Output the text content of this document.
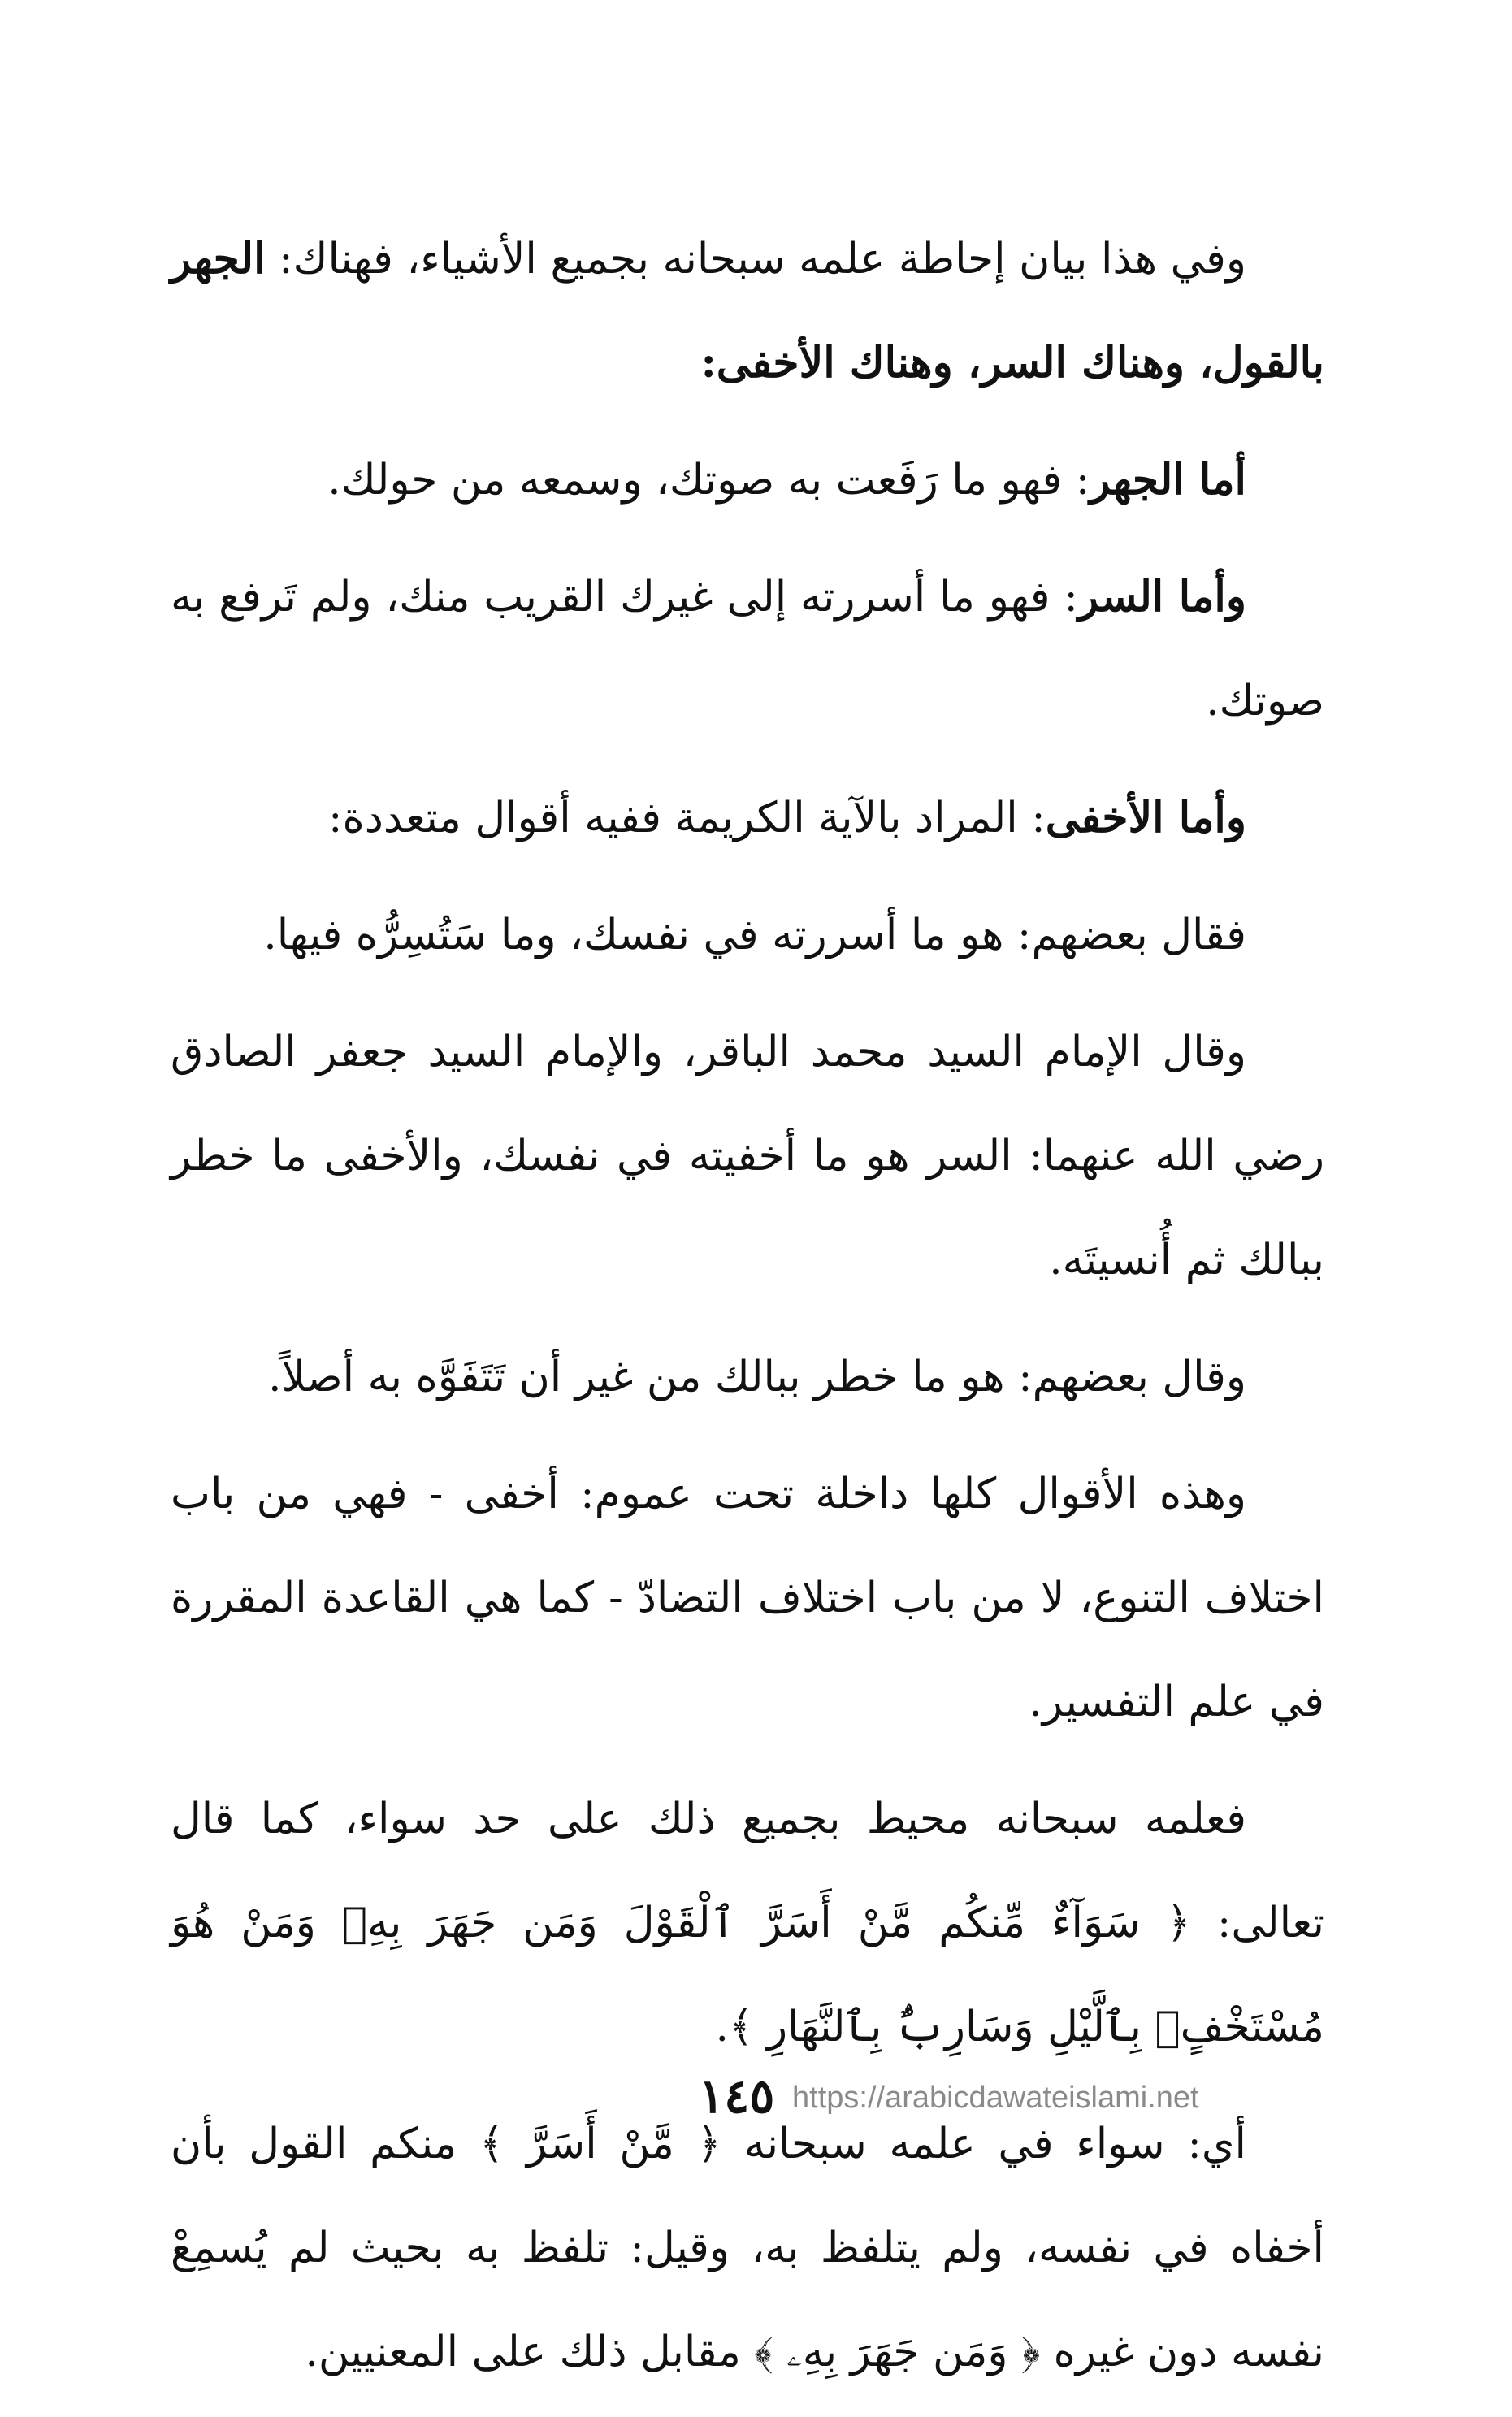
وفي هذا بيان إحاطة علمه سبحانه بجميع الأشياء، فهناك: الجهر بالقول، وهناك السر، وهناك الأخفى:

أما الجهر: فهو ما رَفَعت به صوتك، وسمعه من حولك.

وأما السر: فهو ما أسررته إلى غيرك القريب منك، ولم تَرفع به صوتك.

وأما الأخفى: المراد بالآية الكريمة ففيه أقوال متعددة:

فقال بعضهم: هو ما أسررته في نفسك، وما سَتُسِرُّه فيها.

وقال الإمام السيد محمد الباقر، والإمام السيد جعفر الصادق رضي الله عنهما: السر هو ما أخفيته في نفسك، والأخفى ما خطر ببالك ثم أُنسيتَه.

وقال بعضهم: هو ما خطر ببالك من غير أن تَتَفَوَّه به أصلاً.

وهذه الأقوال كلها داخلة تحت عموم: أخفى - فهي من باب اختلاف التنوع، لا من باب اختلاف التضادّ - كما هي القاعدة المقررة في علم التفسير.

فعلمه سبحانه محيط بجميع ذلك على حد سواء، كما قال تعالى: ﴿ سَوَآءٌ مِّنكُم مَّنْ أَسَرَّ ٱلْقَوْلَ وَمَن جَهَرَ بِهِۦ وَمَنْ هُوَ مُسْتَخْفٍۭ بِٱلَّيْلِ وَسَارِبٌۢ بِٱلنَّهَارِ ﴾.

أي: سواء في علمه سبحانه ﴿ مَّنْ أَسَرَّ ﴾ منكم القول بأن أخفاه في نفسه، ولم يتلفظ به، وقيل: تلفظ به بحيث لم يُسمِعْ نفسه دون غيره ﴿ وَمَن جَهَرَ بِهِۦ ﴾ مقابل ذلك على المعنيين.

١٤٥ https://arabicdawateislami.net
